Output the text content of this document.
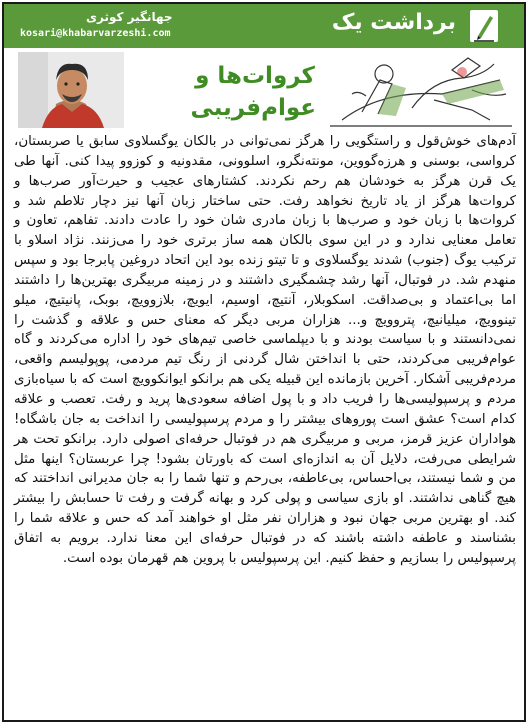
برداشت یک
جهانگیر کوثری
kosari@khabarvarzeshi.com
کروات‌ها و
عوام‌فریبی

آدم‌های خوش‌قول و راستگویی را هرگز نمی‌توانی در بالکان یوگسلاوی سابق یا صربستان، کرواسی، بوسنی و هرزه‌گووین، مونته‌نگرو، اسلوونی، مقدونیه و کوزوو پیدا کنی. آنها طی یک قرن هرگز به خودشان هم رحم نکردند. کشتارهای عجیب و حیرت‌آور صرب‌ها و کروات‌ها هرگز از یاد تاریخ نخواهد رفت. حتی ساختار زبان آنها نیز دچار تلاطم شد و کروات‌ها با زبان خود و صرب‌ها با زبان مادری شان خود را عادت دادند. تفاهم، تعاون و تعامل معنایی ندارد و در این سوی بالکان همه ساز برتری خود را می‌زنند. نژاد اسلاو با ترکیب یوگ (جنوب) شدند یوگسلاوی و تا تیتو زنده بود این اتحاد دروغین پابرجا بود و سپس منهدم شد. در فوتبال، آنها رشد چشمگیری داشتند و در زمینه مربیگری بهترین‌ها را داشتند اما بی‌اعتماد و بی‌صداقت. اسکوبلار، آنتیچ، اوسیم، ایویچ، بلازوویچ، بوبک، پانیتیچ، میلو تینوویچ، میلیانیچ، پتروویچ و... هزاران مربی دیگر که معنای حس و علاقه و گذشت را نمی‌دانستند و با سیاست بودند و با دیپلماسی خاصی تیم‌های خود را اداره می‌کردند و گاه عوام‌فریبی می‌کردند، حتی با انداختن شال گردنی از رنگ تیم مردمی، پوپولیسم واقعی، مردم‌فریبی آشکار. آخرین بازمانده این قبیله یکی هم برانکو ایوانکوویچ است که با سیاه‌بازی مردم و پرسپولیسی‌ها را فریب داد و با پول اضافه سعودی‌ها پرید و رفت. تعصب و علاقه کدام است؟ عشق است پوروهای بیشتر را و مردم پرسپولیسی را انداخت به جان باشگاه! هواداران عزیز قرمز، مربی و مربیگری هم در فوتبال حرفه‌ای اصولی دارد. برانکو تحت هر شرایطی می‌رفت، دلایل آن به اندازه‌ای است که باورتان بشود! چرا عربستان؟ اینها مثل من و شما نیستند، بی‌احساس، بی‌عاطفه، بی‌رحم و تنها شما را به جان مدیرانی انداختند که هیچ گناهی نداشتند. او بازی سیاسی و پولی کرد و بهانه گرفت و رفت تا حسابش را بیشتر کند. او بهترین مربی جهان نبود و هزاران نفر مثل او خواهند آمد که حس و علاقه شما را بشناسند و عاطفه داشته باشند که در فوتبال حرفه‌ای این معنا ندارد. برویم به اتفاق پرسپولیس را بسازیم و حفظ کنیم. این پرسپولیس با پروین هم قهرمان بوده است.
